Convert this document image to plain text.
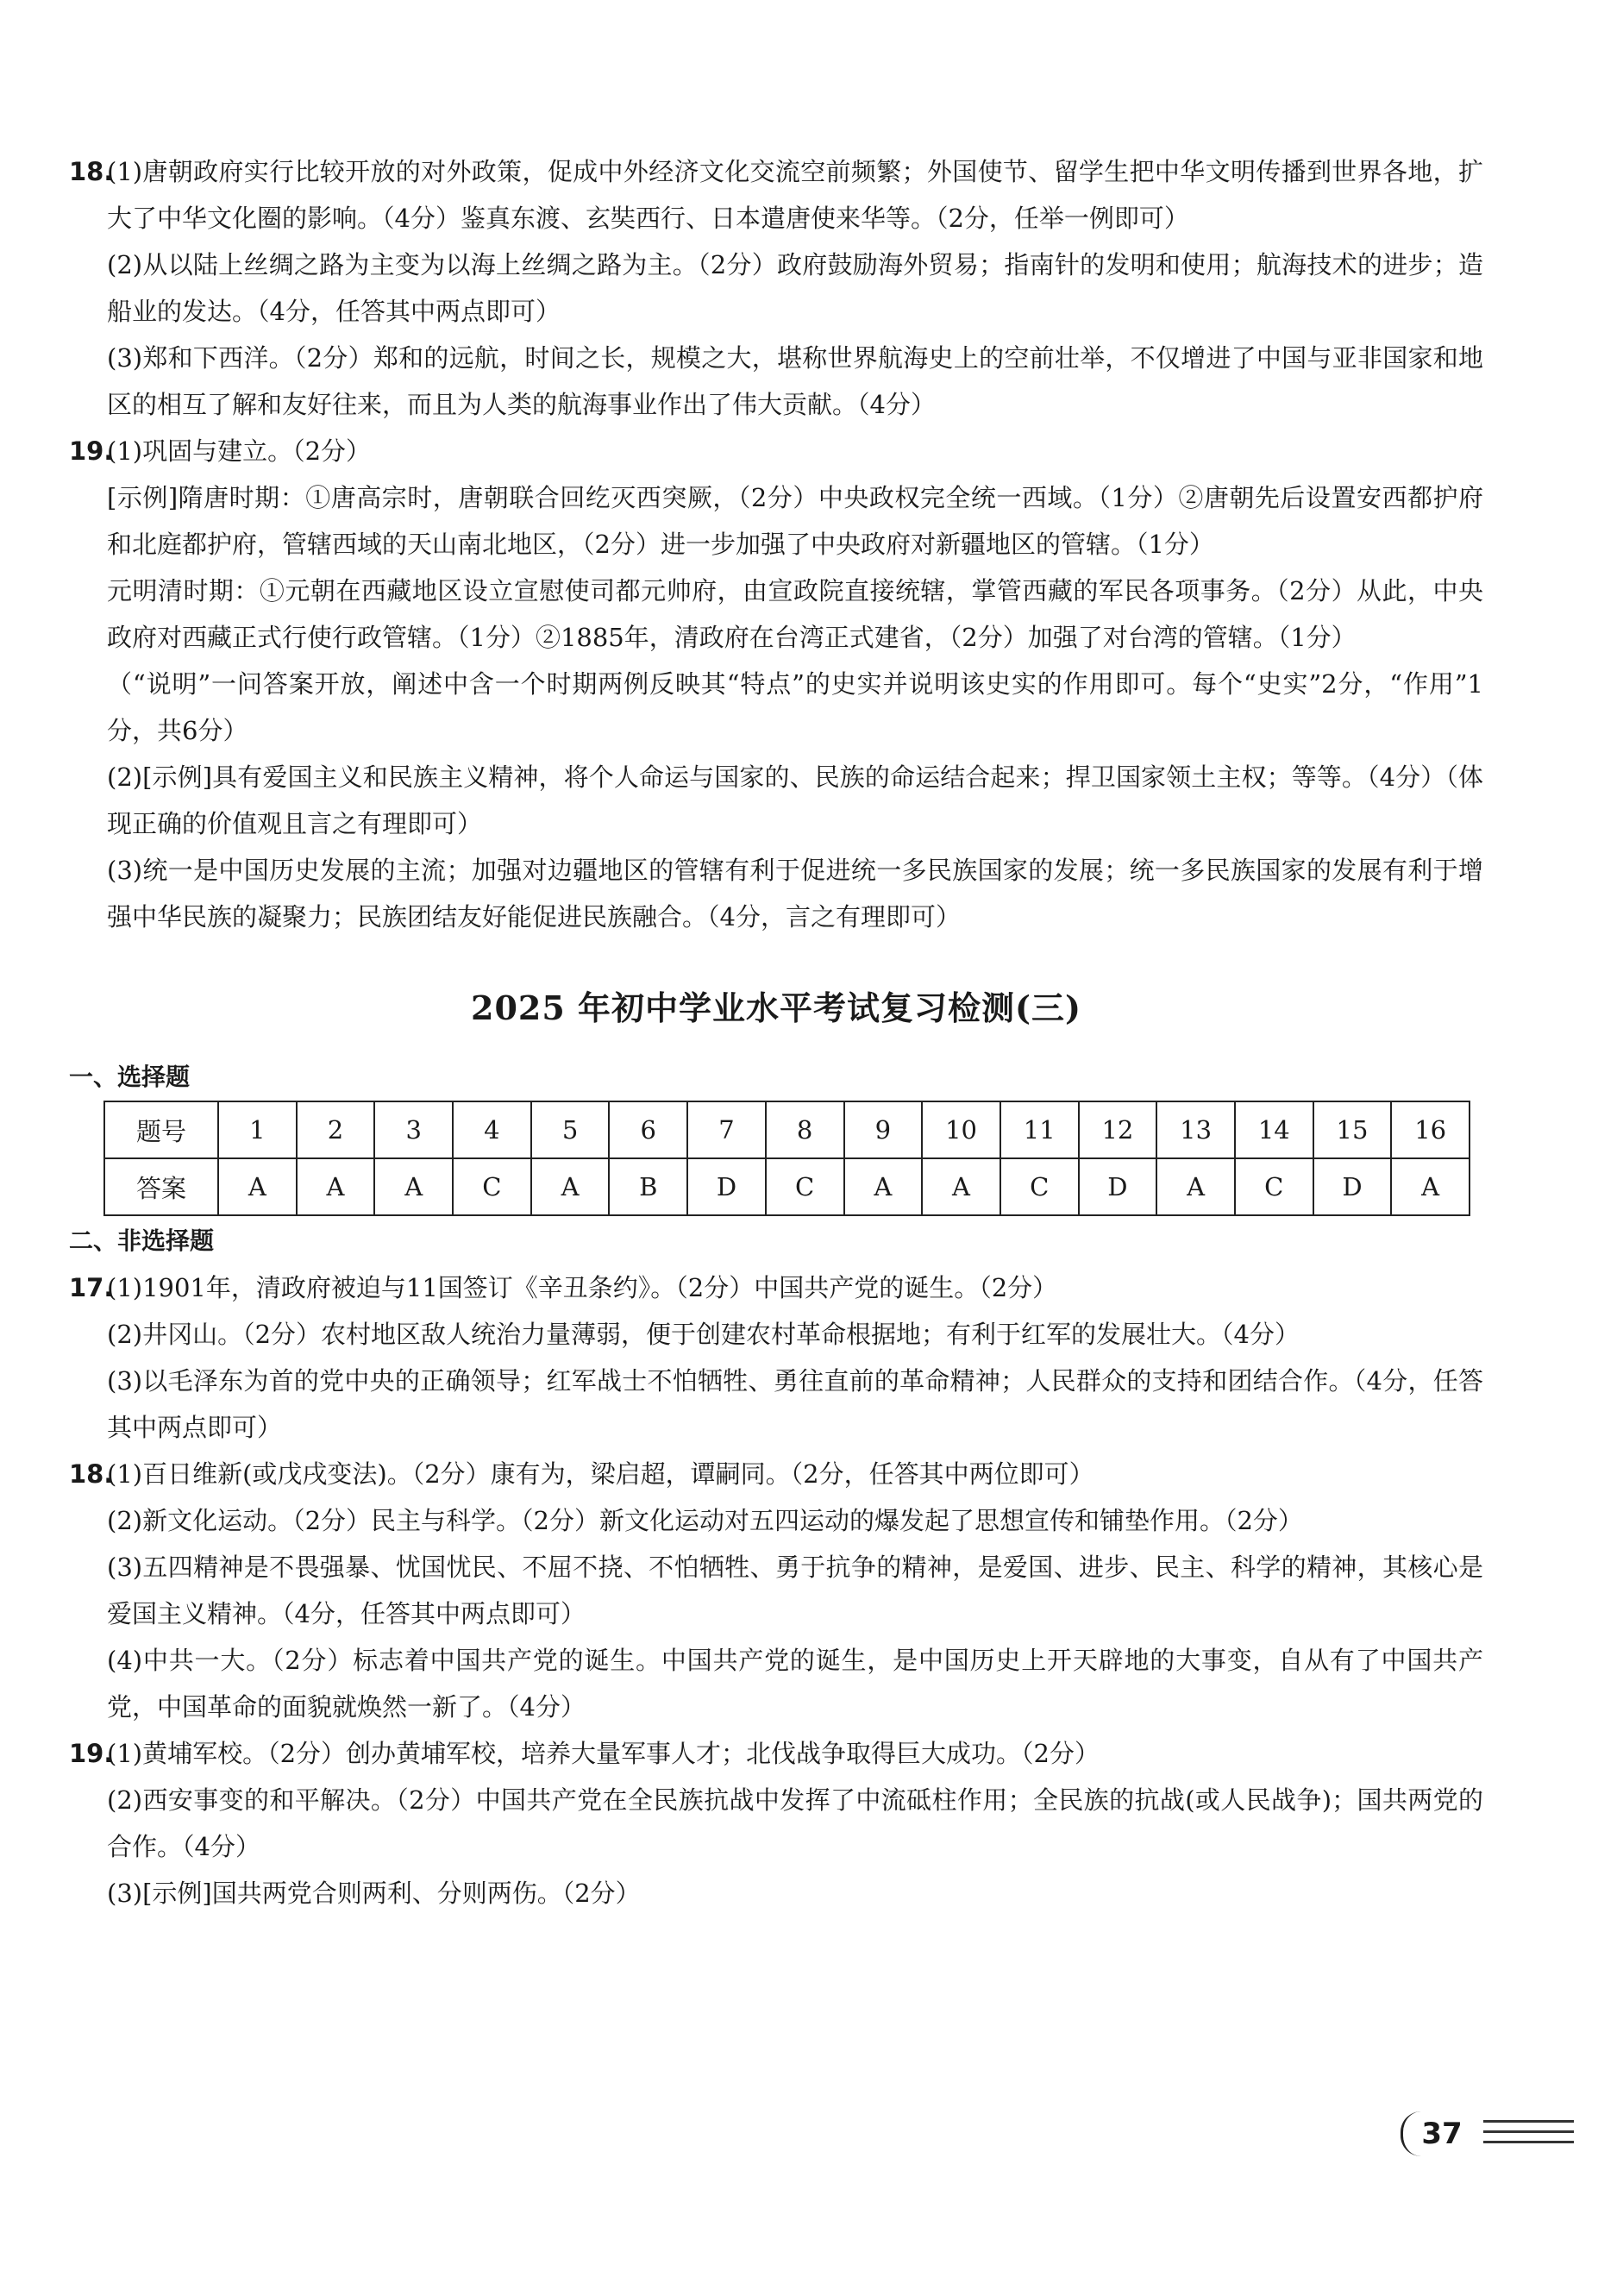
18.

(1)唐朝政府实行比较开放的对外政策，促成中外经济文化交流空前频繁；外国使节、留学生把中华文明传播到世界各地，扩大了中华文化圈的影响。（4分）鉴真东渡、玄奘西行、日本遣唐使来华等。（2分，任举一例即可）

(2)从以陆上丝绸之路为主变为以海上丝绸之路为主。（2分）政府鼓励海外贸易；指南针的发明和使用；航海技术的进步；造船业的发达。（4分，任答其中两点即可）

(3)郑和下西洋。（2分）郑和的远航，时间之长，规模之大，堪称世界航海史上的空前壮举，不仅增进了中国与亚非国家和地区的相互了解和友好往来，而且为人类的航海事业作出了伟大贡献。（4分）

19.

(1)巩固与建立。（2分）

[示例]隋唐时期：①唐高宗时，唐朝联合回纥灭西突厥，（2分）中央政权完全统一西域。（1分）②唐朝先后设置安西都护府和北庭都护府，管辖西域的天山南北地区，（2分）进一步加强了中央政府对新疆地区的管辖。（1分）

元明清时期：①元朝在西藏地区设立宣慰使司都元帅府，由宣政院直接统辖，掌管西藏的军民各项事务。（2分）从此，中央政府对西藏正式行使行政管辖。（1分）②1885年，清政府在台湾正式建省，（2分）加强了对台湾的管辖。（1分）

（“说明”一问答案开放，阐述中含一个时期两例反映其“特点”的史实并说明该史实的作用即可。每个“史实”2分，“作用”1分，共6分）

(2)[示例]具有爱国主义和民族主义精神，将个人命运与国家的、民族的命运结合起来；捍卫国家领土主权；等等。（4分）（体现正确的价值观且言之有理即可）

(3)统一是中国历史发展的主流；加强对边疆地区的管辖有利于促进统一多民族国家的发展；统一多民族国家的发展有利于增强中华民族的凝聚力；民族团结友好能促进民族融合。（4分，言之有理即可）

2025 年初中学业水平考试复习检测(三)
一、选择题
题号	1	2	3	4	5	6	7	8	9	10	11	12	13	14	15	16
答案	A	A	A	C	A	B	D	C	A	A	C	D	A	C	D	A
二、非选择题
17.

(1)1901年，清政府被迫与11国签订《辛丑条约》。（2分）中国共产党的诞生。（2分）

(2)井冈山。（2分）农村地区敌人统治力量薄弱，便于创建农村革命根据地；有利于红军的发展壮大。（4分）

(3)以毛泽东为首的党中央的正确领导；红军战士不怕牺牲、勇往直前的革命精神；人民群众的支持和团结合作。（4分，任答其中两点即可）

18.

(1)百日维新(或戊戌变法)。（2分）康有为，梁启超，谭嗣同。（2分，任答其中两位即可）

(2)新文化运动。（2分）民主与科学。（2分）新文化运动对五四运动的爆发起了思想宣传和铺垫作用。（2分）

(3)五四精神是不畏强暴、忧国忧民、不屈不挠、不怕牺牲、勇于抗争的精神，是爱国、进步、民主、科学的精神，其核心是爱国主义精神。（4分，任答其中两点即可）

(4)中共一大。（2分）标志着中国共产党的诞生。中国共产党的诞生，是中国历史上开天辟地的大事变，自从有了中国共产党，中国革命的面貌就焕然一新了。（4分）

19.

(1)黄埔军校。（2分）创办黄埔军校，培养大量军事人才；北伐战争取得巨大成功。（2分）

(2)西安事变的和平解决。（2分）中国共产党在全民族抗战中发挥了中流砥柱作用；全民族的抗战(或人民战争)；国共两党的合作。（4分）

(3)[示例]国共两党合则两利、分则两伤。（2分）

37
